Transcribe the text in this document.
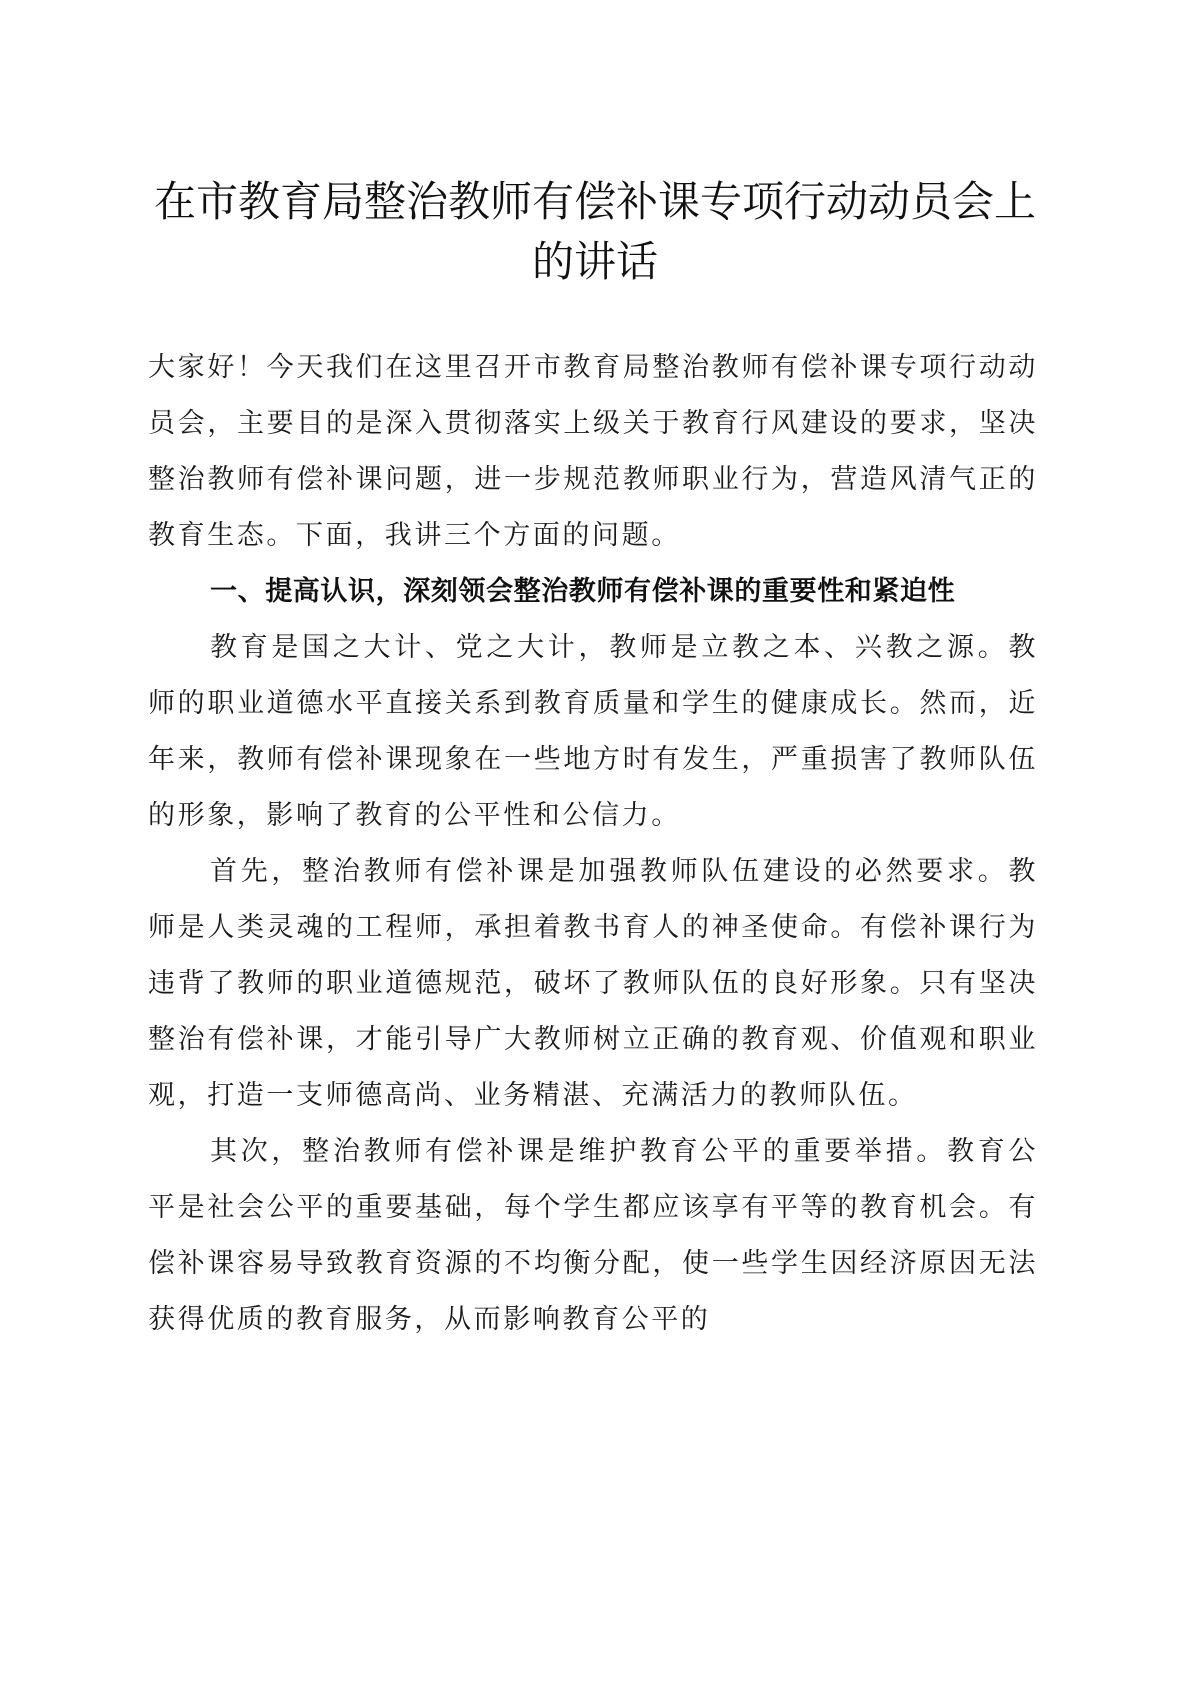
在市教育局整治教师有偿补课专项行动动员会上的讲话

大家好！今天我们在这里召开市教育局整治教师有偿补课专项行动动员会，主要目的是深入贯彻落实上级关于教育行风建设的要求，坚决整治教师有偿补课问题，进一步规范教师职业行为，营造风清气正的教育生态。下面，我讲三个方面的问题。

一、提高认识，深刻领会整治教师有偿补课的重要性和紧迫性

教育是国之大计、党之大计，教师是立教之本、兴教之源。教师的职业道德水平直接关系到教育质量和学生的健康成长。然而，近年来，教师有偿补课现象在一些地方时有发生，严重损害了教师队伍的形象，影响了教育的公平性和公信力。

首先，整治教师有偿补课是加强教师队伍建设的必然要求。教师是人类灵魂的工程师，承担着教书育人的神圣使命。有偿补课行为违背了教师的职业道德规范，破坏了教师队伍的良好形象。只有坚决整治有偿补课，才能引导广大教师树立正确的教育观、价值观和职业观，打造一支师德高尚、业务精湛、充满活力的教师队伍。

其次，整治教师有偿补课是维护教育公平的重要举措。教育公平是社会公平的重要基础，每个学生都应该享有平等的教育机会。有偿补课容易导致教育资源的不均衡分配，使一些学生因经济原因无法获得优质的教育服务，从而影响教育公平的
